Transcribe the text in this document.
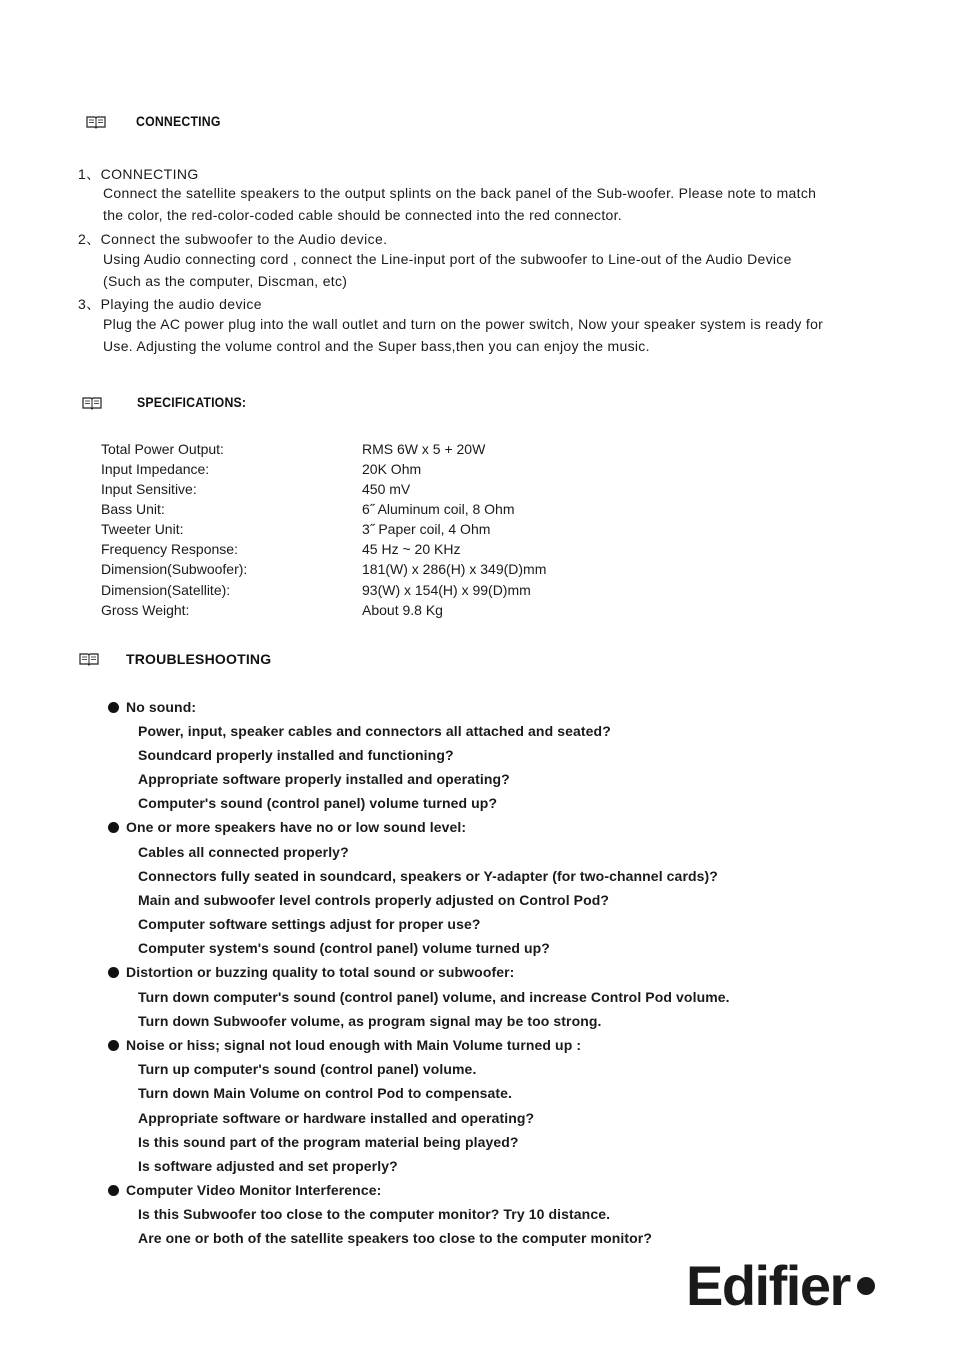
CONNECTING
1、CONNECTING
Connect the satellite speakers to the output splints on the back panel of the Sub-woofer. Please note to match
the color, the red-color-coded cable should be connected into the red connector.
2、Connect the subwoofer to the Audio device.
Using Audio connecting cord , connect the Line-input port of the subwoofer to Line-out of the Audio Device
(Such as the computer, Discman, etc)
3、Playing the audio device
Plug the AC power plug into the wall outlet and turn on the power switch, Now your speaker system is ready for
Use. Adjusting the volume control and the Super bass,then you can enjoy the music.
SPECIFICATIONS:
Total Power Output:	RMS 6W x 5 + 20W
Input Impedance:	20K Ohm
Input Sensitive:	450 mV
Bass Unit:	6˝ Aluminum coil, 8 Ohm
Tweeter Unit:	3˝ Paper coil, 4 Ohm
Frequency Response:	45 Hz ~ 20 KHz
Dimension(Subwoofer):	181(W) x 286(H) x 349(D)mm
Dimension(Satellite):	93(W) x 154(H) x 99(D)mm
Gross Weight:	About 9.8 Kg
TROUBLESHOOTING
No sound:
Power, input, speaker cables and connectors all attached and seated?
Soundcard properly installed and functioning?
Appropriate software properly installed and operating?
Computer's sound (control panel) volume turned up?
One or more speakers have no or low sound level:
Cables all connected properly?
Connectors fully seated in soundcard, speakers or Y-adapter (for two-channel cards)?
Main and subwoofer level controls properly adjusted on Control Pod?
Computer software settings adjust for proper use?
Computer system's sound (control panel) volume turned up?
Distortion or buzzing quality to total sound or subwoofer:
Turn down computer's sound (control panel) volume, and increase Control Pod volume.
Turn down Subwoofer volume, as program signal may be too strong.
Noise or hiss; signal not loud enough with Main Volume turned up :
Turn up computer's sound (control panel) volume.
Turn down Main Volume on control Pod to compensate.
Appropriate software or hardware installed and operating?
Is this sound part of the program material being played?
Is software adjusted and set properly?
Computer Video Monitor Interference:
Is this Subwoofer too close to the computer monitor? Try 10 distance.
Are one or both of the satellite speakers too close to the computer monitor?
Edifier
